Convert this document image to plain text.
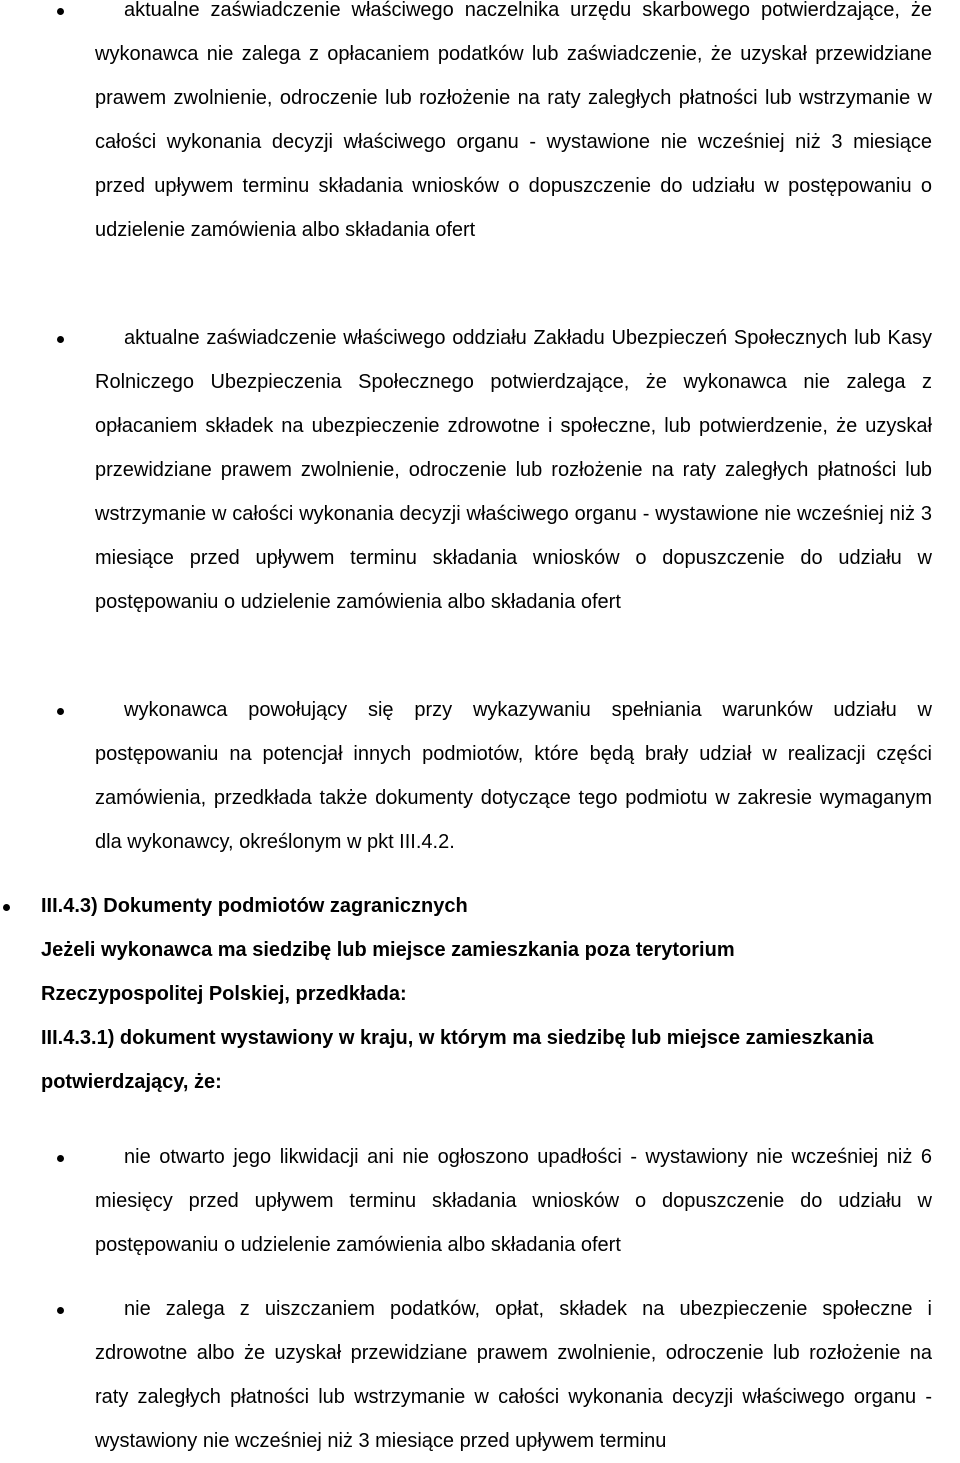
aktualne zaświadczenie właściwego naczelnika urzędu skarbowego potwierdzające, że wykonawca nie zalega z opłacaniem podatków lub zaświadczenie, że uzyskał przewidziane prawem zwolnienie, odroczenie lub rozłożenie na raty zaległych płatności lub wstrzymanie w całości wykonania decyzji właściwego organu - wystawione nie wcześniej niż 3 miesiące przed upływem terminu składania wniosków o dopuszczenie do udziału w postępowaniu o udzielenie zamówienia albo składania ofert

aktualne zaświadczenie właściwego oddziału Zakładu Ubezpieczeń Społecznych lub Kasy Rolniczego Ubezpieczenia Społecznego potwierdzające, że wykonawca nie zalega z opłacaniem składek na ubezpieczenie zdrowotne i społeczne, lub potwierdzenie, że uzyskał przewidziane prawem zwolnienie, odroczenie lub rozłożenie na raty zaległych płatności lub wstrzymanie w całości wykonania decyzji właściwego organu - wystawione nie wcześniej niż 3 miesiące przed upływem terminu składania wniosków o dopuszczenie do udziału w postępowaniu o udzielenie zamówienia albo składania ofert

wykonawca powołujący się przy wykazywaniu spełniania warunków udziału w postępowaniu na potencjał innych podmiotów, które będą brały udział w realizacji części zamówienia, przedkłada także dokumenty dotyczące tego podmiotu w zakresie wymaganym dla wykonawcy, określonym w pkt III.4.2.

III.4.3) Dokumenty podmiotów zagranicznych

Jeżeli wykonawca ma siedzibę lub miejsce zamieszkania poza terytorium

Rzeczypospolitej Polskiej, przedkłada:

III.4.3.1) dokument wystawiony w kraju, w którym ma siedzibę lub miejsce zamieszkania

potwierdzający, że:

nie otwarto jego likwidacji ani nie ogłoszono upadłości - wystawiony nie wcześniej niż 6 miesięcy przed upływem terminu składania wniosków o dopuszczenie do udziału w postępowaniu o udzielenie zamówienia albo składania ofert

nie zalega z uiszczaniem podatków, opłat, składek na ubezpieczenie społeczne i zdrowotne albo że uzyskał przewidziane prawem zwolnienie, odroczenie lub rozłożenie na raty zaległych płatności lub wstrzymanie w całości wykonania decyzji właściwego organu - wystawiony nie wcześniej niż 3 miesiące przed upływem terminu
